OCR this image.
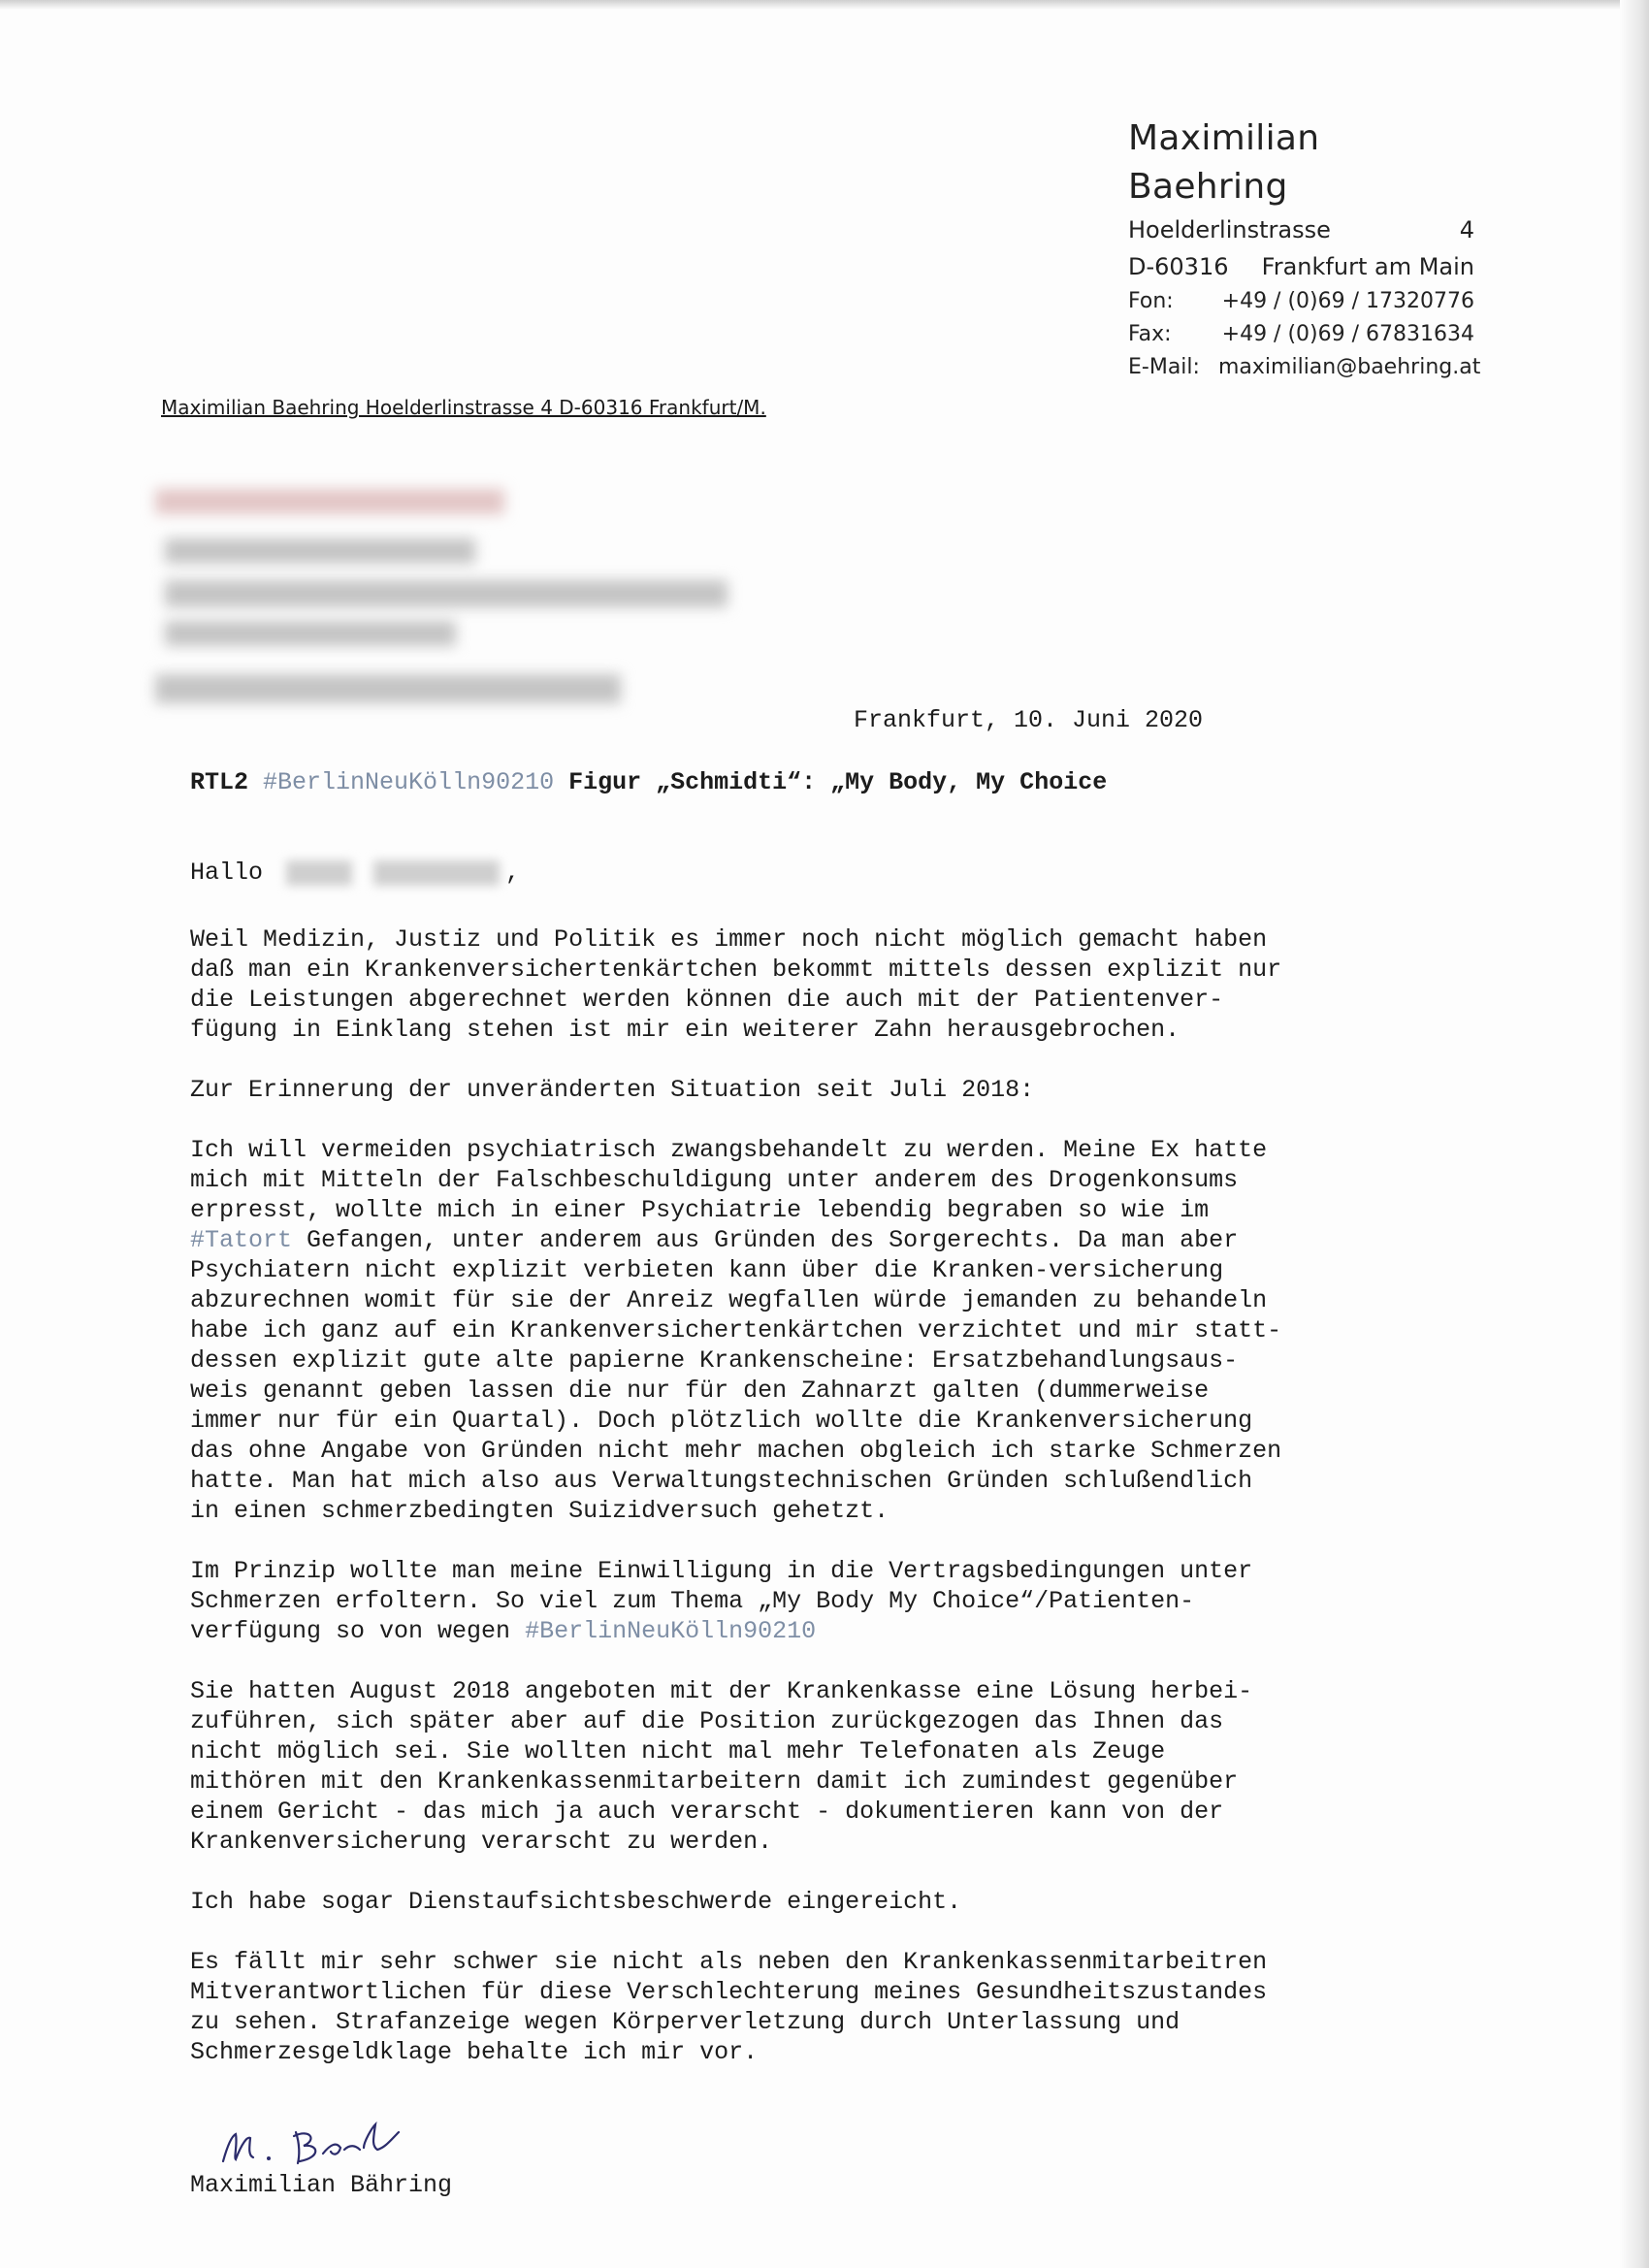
Maximilian Baehring
Hoelderlinstrasse	4
D-60316 Frankfurt am Main
Fon:	+49 / (0)69 / 17320776
Fax:	+49 / (0)69 / 67831634
E-Mail: maximilian@baehring.at
Maximilian Baehring Hoelderlinstrasse 4 D-60316 Frankfurt/M.
Frankfurt, 10. Juni 2020
RTL2 #BerlinNeuKölln90210 Figur „Schmidti“: „My Body, My Choice
Hallo	,

Weil Medizin, Justiz und Politik es immer noch nicht möglich gemacht haben
daß man ein Krankenversichertenkärtchen bekommt mittels dessen explizit nur
die Leistungen abgerechnet werden können die auch mit der Patientenver-
fügung in Einklang stehen ist mir ein weiterer Zahn herausgebrochen.

Zur Erinnerung der unveränderten Situation seit Juli 2018:

Ich will vermeiden psychiatrisch zwangsbehandelt zu werden. Meine Ex hatte
mich mit Mitteln der Falschbeschuldigung unter anderem des Drogenkonsums
erpresst, wollte mich in einer Psychiatrie lebendig begraben so wie im
#Tatort Gefangen, unter anderem aus Gründen des Sorgerechts. Da man aber
Psychiatern nicht explizit verbieten kann über die Kranken-versicherung
abzurechnen womit für sie der Anreiz wegfallen würde jemanden zu behandeln
habe ich ganz auf ein Krankenversichertenkärtchen verzichtet und mir statt-
dessen explizit gute alte papierne Krankenscheine: Ersatzbehandlungsaus-
weis genannt geben lassen die nur für den Zahnarzt galten (dummerweise
immer nur für ein Quartal). Doch plötzlich wollte die Krankenversicherung
das ohne Angabe von Gründen nicht mehr machen obgleich ich starke Schmerzen
hatte. Man hat mich also aus Verwaltungstechnischen Gründen schlußendlich
in einen schmerzbedingten Suizidversuch gehetzt.

Im Prinzip wollte man meine Einwilligung in die Vertragsbedingungen unter
Schmerzen erfoltern. So viel zum Thema „My Body My Choice“/Patienten-
verfügung so von wegen #BerlinNeuKölln90210

Sie hatten August 2018 angeboten mit der Krankenkasse eine Lösung herbei-
zuführen, sich später aber auf die Position zurückgezogen das Ihnen das
nicht möglich sei. Sie wollten nicht mal mehr Telefonaten als Zeuge
mithören mit den Krankenkassenmitarbeitern damit ich zumindest gegenüber
einem Gericht - das mich ja auch verarscht - dokumentieren kann von der
Krankenversicherung verarscht zu werden.

Ich habe sogar Dienstaufsichtsbeschwerde eingereicht.

Es fällt mir sehr schwer sie nicht als neben den Krankenkassenmitarbeitren
Mitverantwortlichen für diese Verschlechterung meines Gesundheitszustandes
zu sehen. Strafanzeige wegen Körperverletzung durch Unterlassung und
Schmerzesgeldklage behalte ich mir vor.

Maximilian Bähring
